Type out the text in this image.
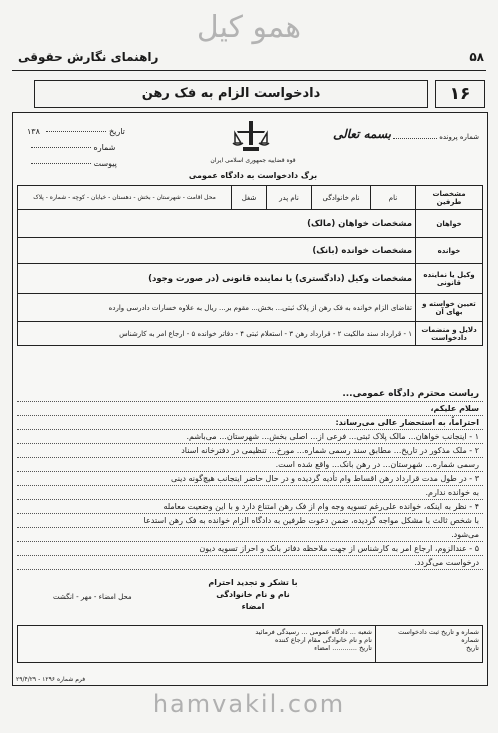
همو کیل
۵۸
راهنمای نگارش حقوقی
دادخواست الزام به فک رهن	۱۶
تاریخ  ۱۳۸
شماره
پیوست	قوه قضاییه جمهوری اسلامی ایران
برگ دادخواست به دادگاه عمومی
بسمه تعالی	شماره پرونده
مشخصات طرفین	نام	نام خانوادگی	نام پدر	شغل	محل اقامت - شهرستان - بخش - دهستان - خیابان - کوچه - شماره - پلاک
خواهان	مشخصات خواهان (مالک)				
خوانده	مشخصات خوانده (بانک)				
وکیل یا نماینده قانونی	مشخصات وکیل (دادگستری) یا نماینده قانونی (در صورت وجود)				
تعیین خواسته و بهای آن	تقاضای الزام خوانده به فک رهن از پلاک ثبتی... بخش... مقوم بر... ریال به علاوه خسارات دادرسی وارده				
دلایل و منضمات دادخواست	۱ - قرارداد سند مالکیت ۲ - قرارداد رهن ۳ - استعلام ثبتی ۴ - دفاتر خوانده ۵ - ارجاع امر به کارشناس				
ریاست محترم دادگاه عمومی...
سلام علیکم،
احتراماً، به استحضار عالی می‌رساند:
۱ - اینجانب خواهان... مالک پلاک ثبتی... فرعی از... اصلی بخش... شهرستان... می‌باشم.
۲ - ملک مذکور در تاریخ... مطابق سند رسمی شماره... مورخ... تنظیمی در دفترخانه اسناد
رسمی شماره... شهرستان... در رهن بانک... واقع شده است.
۳ - در طول مدت قرارداد رهن اقساط وام تأدیه گردیده و در حال حاضر اینجانب هیچ‌گونه دینی
به خوانده ندارم.
۴ - نظر به اینکه، خوانده علی‌رغم تسویه وجه وام از فک رهن امتناع دارد و با این وضعیت معامله
با شخص ثالث با مشکل مواجه گردیده، ضمن دعوت طرفین به دادگاه الزام خوانده به فک رهن استدعا
می‌شود.
۵ - عندالزوم، ارجاع امر به کارشناس از جهت ملاحظه دفاتر بانک و احراز تسویه دیون
درخواست می‌گردد.
با تشکر و تجدید احترام
نام و نام خانوادگی
امضاء
محل امضاء - مهر - انگشت
شماره و تاریخ ثبت دادخواست
شماره
تاریخ

شعبه ... دادگاه عمومی ... رسیدگی فرمائید
نام و نام خانوادگی مقام ارجاع کننده
تاریخ ............ امضاء
فرم شماره ۱۲۹۶ - ۲۹/۴/۲۹
hamvakil.com
